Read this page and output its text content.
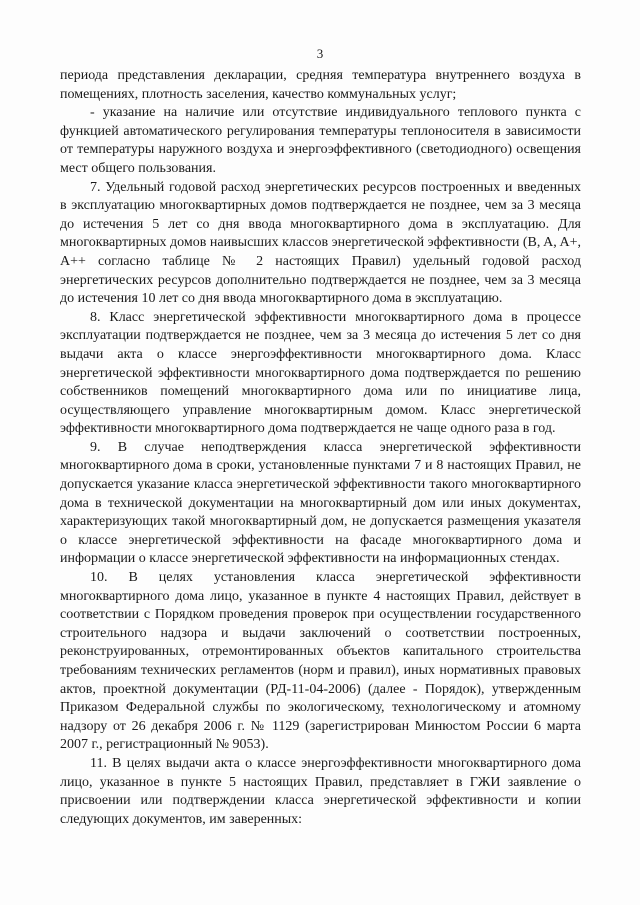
3

периода представления декларации, средняя температура внутреннего воздуха в помещениях, плотность заселения, качество коммунальных услуг;

- указание на наличие или отсутствие индивидуального теплового пункта с функцией автоматического регулирования температуры теплоносителя в зависимости от температуры наружного воздуха и энергоэффективного (светодиодного) освещения мест общего пользования.

7. Удельный годовой расход энергетических ресурсов построенных и введенных в эксплуатацию многоквартирных домов подтверждается не позднее, чем за 3 месяца до истечения 5 лет со дня ввода многоквартирного дома в эксплуатацию. Для многоквартирных домов наивысших классов энергетической эффективности (B, A, A+, A++ согласно таблице № 2 настоящих Правил) удельный годовой расход энергетических ресурсов дополнительно подтверждается не позднее, чем за 3 месяца до истечения 10 лет со дня ввода многоквартирного дома в эксплуатацию.

8. Класс энергетической эффективности многоквартирного дома в процессе эксплуатации подтверждается не позднее, чем за 3 месяца до истечения 5 лет со дня выдачи акта о классе энергоэффективности многоквартирного дома. Класс энергетической эффективности многоквартирного дома подтверждается по решению собственников помещений многоквартирного дома или по инициативе лица, осуществляющего управление многоквартирным домом. Класс энергетической эффективности многоквартирного дома подтверждается не чаще одного раза в год.

9. В случае неподтверждения класса энергетической эффективности многоквартирного дома в сроки, установленные пунктами 7 и 8 настоящих Правил, не допускается указание класса энергетической эффективности такого многоквартирного дома в технической документации на многоквартирный дом или иных документах, характеризующих такой многоквартирный дом, не допускается размещения указателя о классе энергетической эффективности на фасаде многоквартирного дома и информации о классе энергетической эффективности на информационных стендах.

10. В целях установления класса энергетической эффективности многоквартирного дома лицо, указанное в пункте 4 настоящих Правил, действует в соответствии с Порядком проведения проверок при осуществлении государственного строительного надзора и выдачи заключений о соответствии построенных, реконструированных, отремонтированных объектов капитального строительства требованиям технических регламентов (норм и правил), иных нормативных правовых актов, проектной документации (РД-11-04-2006) (далее - Порядок), утвержденным Приказом Федеральной службы по экологическому, технологическому и атомному надзору от 26 декабря 2006 г. № 1129 (зарегистрирован Минюстом России 6 марта 2007 г., регистрационный № 9053).

11. В целях выдачи акта о классе энергоэффективности многоквартирного дома лицо, указанное в пункте 5 настоящих Правил, представляет в ГЖИ заявление о присвоении или подтверждении класса энергетической эффективности и копии следующих документов, им заверенных:
